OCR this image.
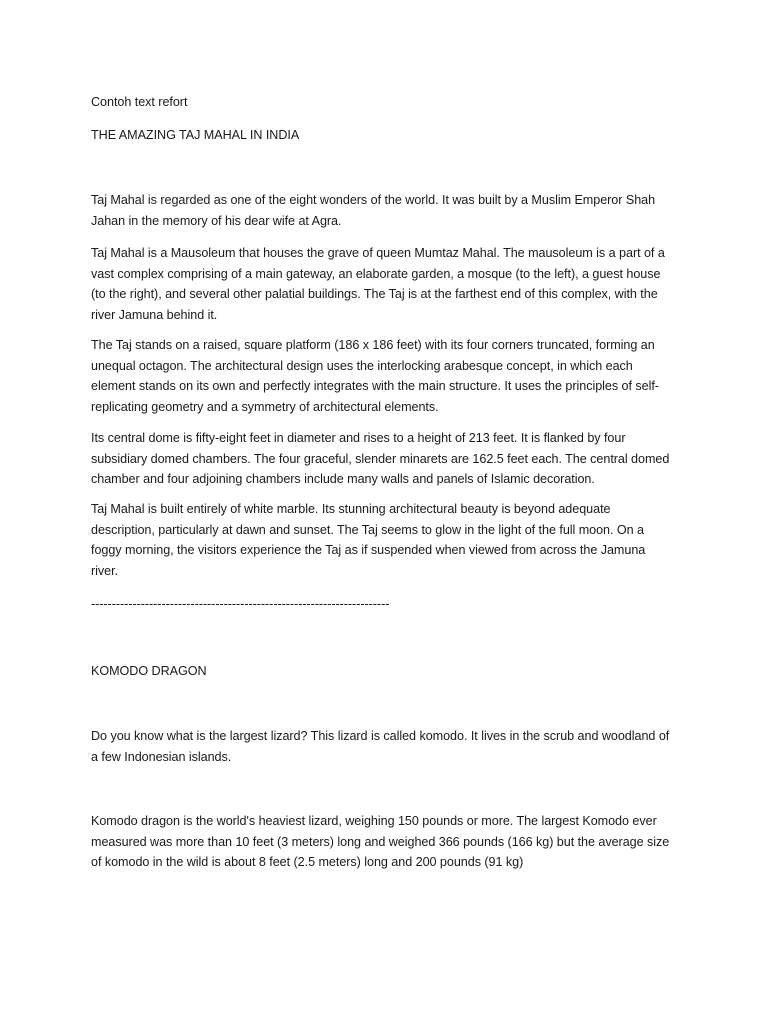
Contoh text refort
THE AMAZING TAJ MAHAL IN INDIA
Taj Mahal is regarded as one of the eight wonders of the world. It was built by a Muslim Emperor Shah
Jahan in the memory of his dear wife at Agra.
Taj Mahal is a Mausoleum that houses the grave of queen Mumtaz Mahal. The mausoleum is a part of a
vast complex comprising of a main gateway, an elaborate garden, a mosque (to the left), a guest house
(to the right), and several other palatial buildings. The Taj is at the farthest end of this complex, with the
river Jamuna behind it.
The Taj stands on a raised, square platform (186 x 186 feet) with its four corners truncated, forming an
unequal octagon. The architectural design uses the interlocking arabesque concept, in which each
element stands on its own and perfectly integrates with the main structure. It uses the principles of self-
replicating geometry and a symmetry of architectural elements.
Its central dome is fifty-eight feet in diameter and rises to a height of 213 feet. It is flanked by four
subsidiary domed chambers. The four graceful, slender minarets are 162.5 feet each. The central domed
chamber and four adjoining chambers include many walls and panels of Islamic decoration.
Taj Mahal is built entirely of white marble. Its stunning architectural beauty is beyond adequate
description, particularly at dawn and sunset. The Taj seems to glow in the light of the full moon. On a
foggy morning, the visitors experience the Taj as if suspended when viewed from across the Jamuna
river.
------------------------------------------------------------------------
KOMODO DRAGON
Do you know what is the largest lizard? This lizard is called komodo. It lives in the scrub and woodland of
a few Indonesian islands.
Komodo dragon is the world's heaviest lizard, weighing 150 pounds or more. The largest Komodo ever
measured was more than 10 feet (3 meters) long and weighed 366 pounds (166 kg) but the average size
of komodo in the wild is about 8 feet (2.5 meters) long and 200 pounds (91 kg)
